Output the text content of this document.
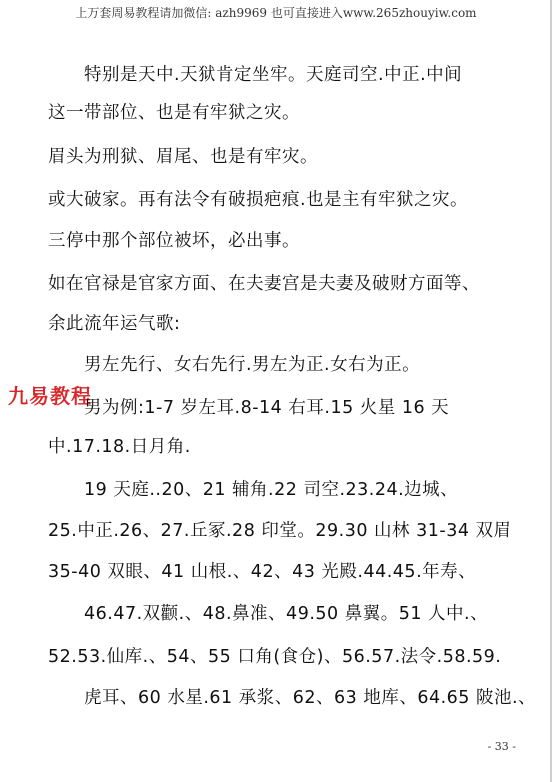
上万套周易教程请加微信: azh9969 也可直接进入www.265zhouyiw.com
特别是天中.天狱肯定坐牢。天庭司空.中正.中间
这一带部位、也是有牢狱之灾。
眉头为刑狱、眉尾、也是有牢灾。
或大破家。再有法令有破损疤痕.也是主有牢狱之灾。
三停中那个部位被坏，必出事。
如在官禄是官家方面、在夫妻宫是夫妻及破财方面等、
余此流年运气歌:
男左先行、女右先行.男左为正.女右为正。
九易教程
男为例:1-7 岁左耳.8-14 右耳.15 火星 16 天
中.17.18.日月角.
19 天庭..20、21 辅角.22 司空.23.24.边城、
25.中正.26、27.丘冢.28 印堂。29.30 山林 31-34 双眉
35-40 双眼、41 山根.、42、43 光殿.44.45.年寿、
46.47.双颧.、48.鼻准、49.50 鼻翼。51 人中.、
52.53.仙库.、54、55 口角(食仓)、56.57.法令.58.59.
虎耳、60 水星.61 承浆、62、63 地库、64.65 陂池.、
- 33 -
